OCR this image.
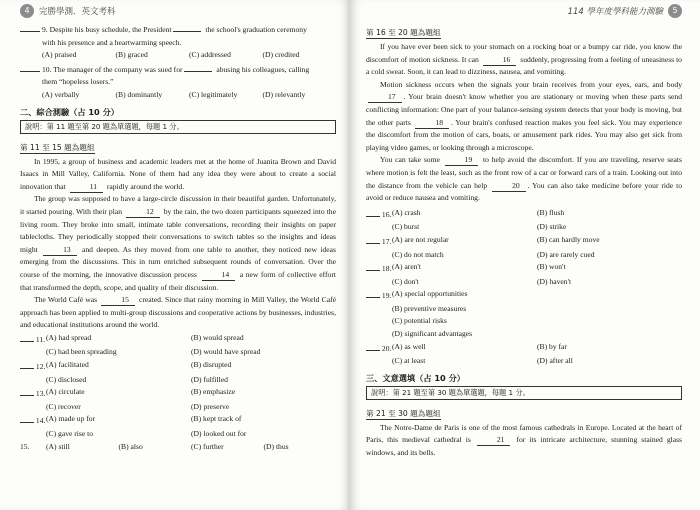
4	完勝學測．英文考科
9. Despite his busy schedule, the President	the school's graduation ceremony
with his presence and a heartwarming speech.
(A) praised	(B) graced	(C) addressed	(D) credited
10. The manager of the company was sued for	abusing his colleagues, calling
them “hopeless losers.”
(A) verbally	(B) dominantly	(C) legitimately	(D) relevantly
二、綜合測驗（占 10 分）
說明：第 11 題至第 20 題為單選題，每題 1 分。
第 11 至 15 題為題組
In 1995, a group of business and academic leaders met at the home of Juanita Brown and David Isaacs in Mill Valley, California. None of them had any idea they were about to create a social innovation that	11 rapidly around the world.
The group was supposed to have a large-circle discussion in their beautiful garden. Unfortunately, it started pouring. With their plan	12 by the rain, the two dozen participants squeezed into the living room. They broke into small, intimate table conversations, recording their insights on paper tablecloths. They periodically stopped their conversations to switch tables so the insights and ideas might	13 and deepen. As they moved from one table to another, they noticed new ideas emerging from the discussions. This in turn enriched subsequent rounds of conversation. Over the course of the morning, the innovative discussion process	14 a new form of collective effort that transformed the depth, scope, and quality of their discussion.
The World Café was	15 created. Since that rainy morning in Mill Valley, the World Café approach has been applied to multi-group discussions and cooperative actions by businesses, industries, and educational institutions around the world.
11. (A) had spread	(B) would spread
(C) had been spreading	(D) would have spread
12. (A) facilitated	(B) disrupted
(C) disclosed	(D) fulfilled
13. (A) circulate	(B) emphasize
(C) recover	(D) preserve
14. (A) made up for	(B) kept track of
(C) gave rise to	(D) looked out for
15.	(A) still	(B) also	(C) further	(D) thus
114 學年度學科能力測驗	5
第 16 至 20 題為題組
If you have ever been sick to your stomach on a rocking boat or a bumpy car ride, you know the discomfort of motion sickness. It can	16 suddenly, progressing from a feeling of uneasiness to a cold sweat. Soon, it can lead to dizziness, nausea, and vomiting.
Motion sickness occurs when the signals your brain receives from your eyes, ears, and body 17 . Your brain doesn't know whether you are stationary or moving when these parts send conflicting information: One part of your balance-sensing system detects that your body is moving, but the other parts	18 . Your brain's confused reaction makes you feel sick. You may experience the discomfort from the motion of cars, boats, or amusement park rides. You may also get sick from playing video games, or looking through a microscope.
You can take some	19 to help avoid the discomfort. If you are traveling, reserve seats where motion is felt the least, such as the front row of a car or forward cars of a train. Looking out into the distance from the vehicle can help	20 . You can also take medicine before your ride to avoid or reduce nausea and vomiting.
16. (A) crash	(B) flush
(C) burst	(D) strike
17. (A) are not regular	(B) can hardly move
(C) do not match	(D) are rarely cued
18. (A) aren't	(B) won't
(C) don't	(D) haven't
19. (A) special opportunities
(B) preventive measures
(C) potential risks
(D) significant advantages
20. (A) as well	(B) by far
(C) at least	(D) after all
三、文意選填（占 10 分）
說明：第 21 題至第 30 題為單選題，每題 1 分。
第 21 至 30 題為題組
The Notre-Dame de Paris is one of the most famous cathedrals in Europe. Located at the heart of Paris, this medieval cathedral is	21 for its intricate architecture, stunning stained glass windows, and its bells.
